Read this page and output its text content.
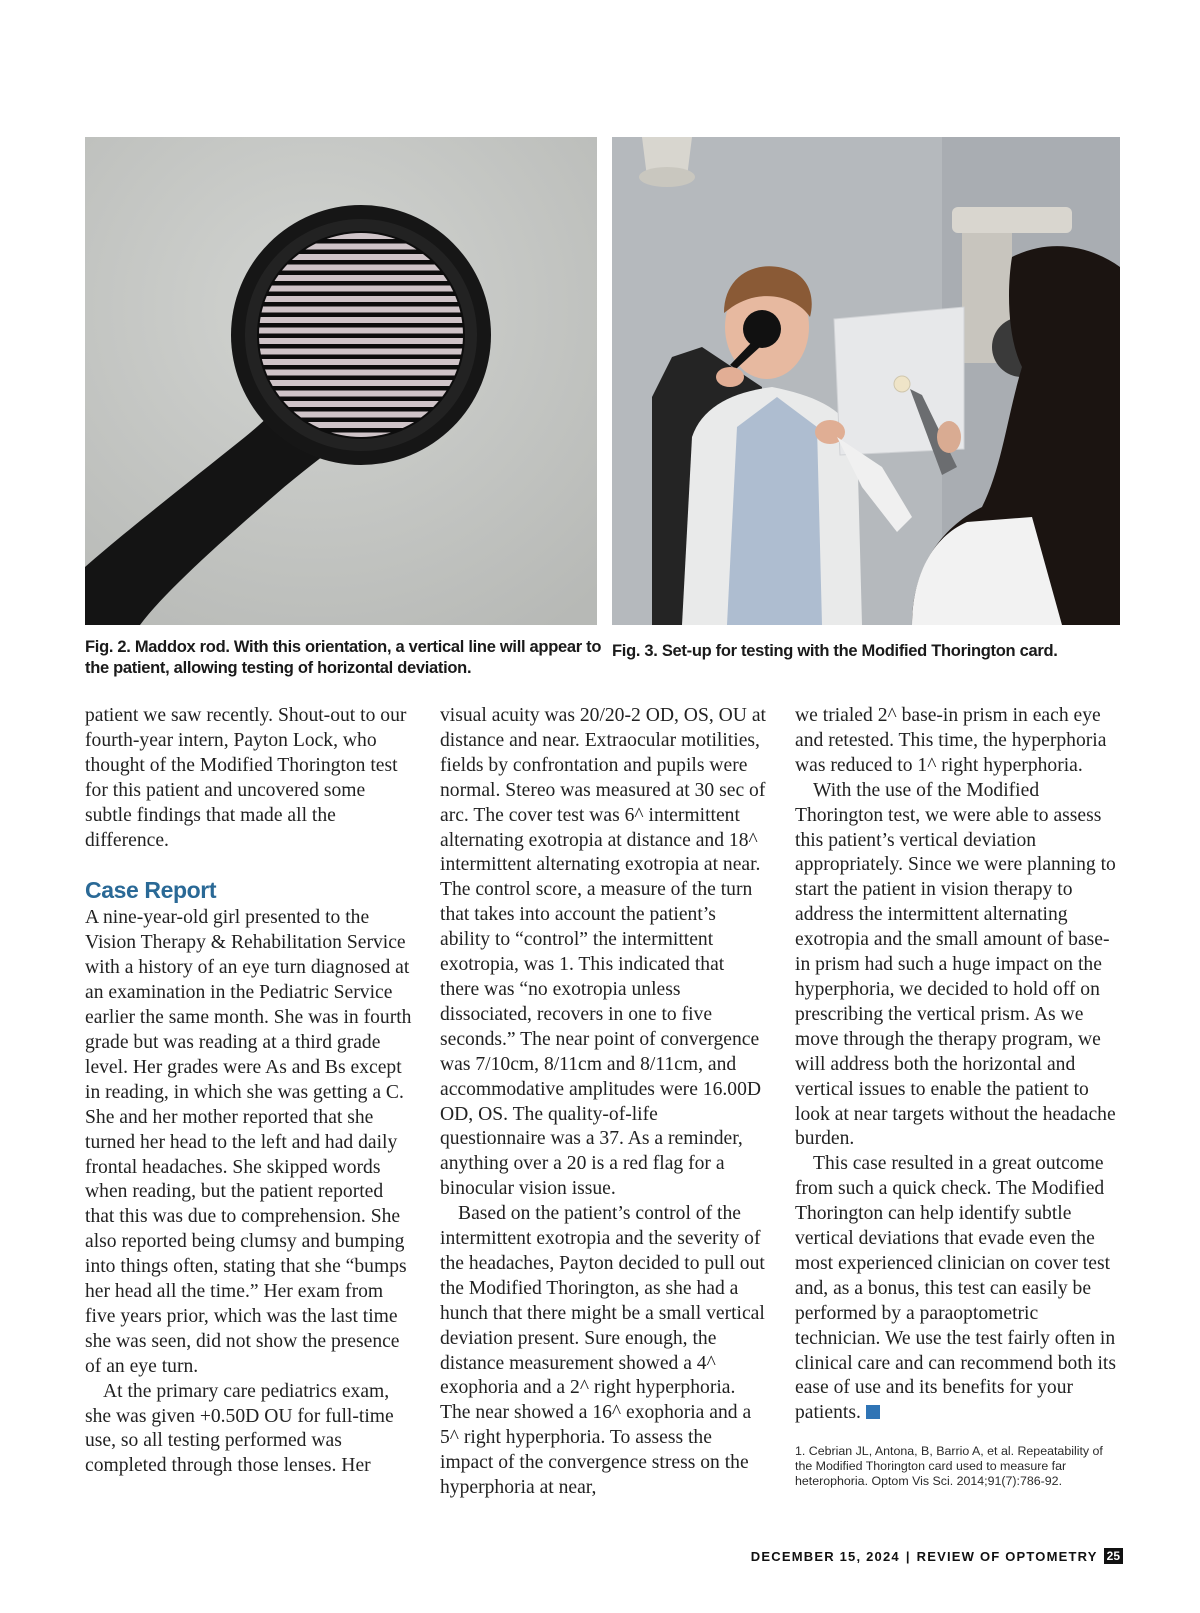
Fig. 2. Maddox rod. With this orientation, a vertical line will appear to the patient, allowing testing of horizontal deviation.
Fig. 3. Set-up for testing with the Modified Thorington card.

patient we saw recently. Shout-out to our fourth-year intern, Payton Lock, who thought of the Modified Thorington test for this patient and uncovered some subtle findings that made all the difference.

Case Report

A nine-year-old girl presented to the Vision Therapy & Rehabilitation Service with a history of an eye turn diagnosed at an examination in the Pediatric Service earlier the same month. She was in fourth grade but was reading at a third grade level. Her grades were As and Bs except in reading, in which she was getting a C. She and her mother reported that she turned her head to the left and had daily frontal headaches. She skipped words when reading, but the patient reported that this was due to comprehension. She also reported being clumsy and bumping into things often, stating that she “bumps her head all the time.” Her exam from five years prior, which was the last time she was seen, did not show the presence of an eye turn.

At the primary care pediatrics exam, she was given +0.50D OU for full-time use, so all testing performed was completed through those lenses. Her

visual acuity was 20/20-2 OD, OS, OU at distance and near. Extraocular motilities, fields by confrontation and pupils were normal. Stereo was measured at 30 sec of arc. The cover test was 6^ intermittent alternating exotropia at distance and 18^ intermittent alternating exotropia at near. The control score, a measure of the turn that takes into account the patient’s ability to “control” the intermittent exotropia, was 1. This indicated that there was “no exotropia unless dissociated, recovers in one to five seconds.” The near point of convergence was 7/10cm, 8/11cm and 8/11cm, and accommodative amplitudes were 16.00D OD, OS. The quality-of-life questionnaire was a 37. As a reminder, anything over a 20 is a red flag for a binocular vision issue.

Based on the patient’s control of the intermittent exotropia and the severity of the headaches, Payton decided to pull out the Modified Thorington, as she had a hunch that there might be a small vertical deviation present. Sure enough, the distance measurement showed a 4^ exophoria and a 2^ right hyperphoria. The near showed a 16^ exophoria and a 5^ right hyperphoria. To assess the impact of the convergence stress on the hyperphoria at near,

we trialed 2^ base-in prism in each eye and retested. This time, the hyperphoria was reduced to 1^ right hyperphoria.

With the use of the Modified Thorington test, we were able to assess this patient’s vertical deviation appropriately. Since we were planning to start the patient in vision therapy to address the intermittent alternating exotropia and the small amount of base-in prism had such a huge impact on the hyperphoria, we decided to hold off on prescribing the vertical prism. As we move through the therapy program, we will address both the horizontal and vertical issues to enable the patient to look at near targets without the headache burden.

This case resulted in a great outcome from such a quick check. The Modified Thorington can help identify subtle vertical deviations that evade even the most experienced clinician on cover test and, as a bonus, this test can easily be performed by a paraoptometric technician. We use the test fairly often in clinical care and can recommend both its ease of use and its benefits for your patients.

1. Cebrian JL, Antona, B, Barrio A, et al. Repeatability of the Modified Thorington card used to measure far heterophoria. Optom Vis Sci. 2014;91(7):786-92.
DECEMBER 15, 2024 | REVIEW OF OPTOMETRY 25
